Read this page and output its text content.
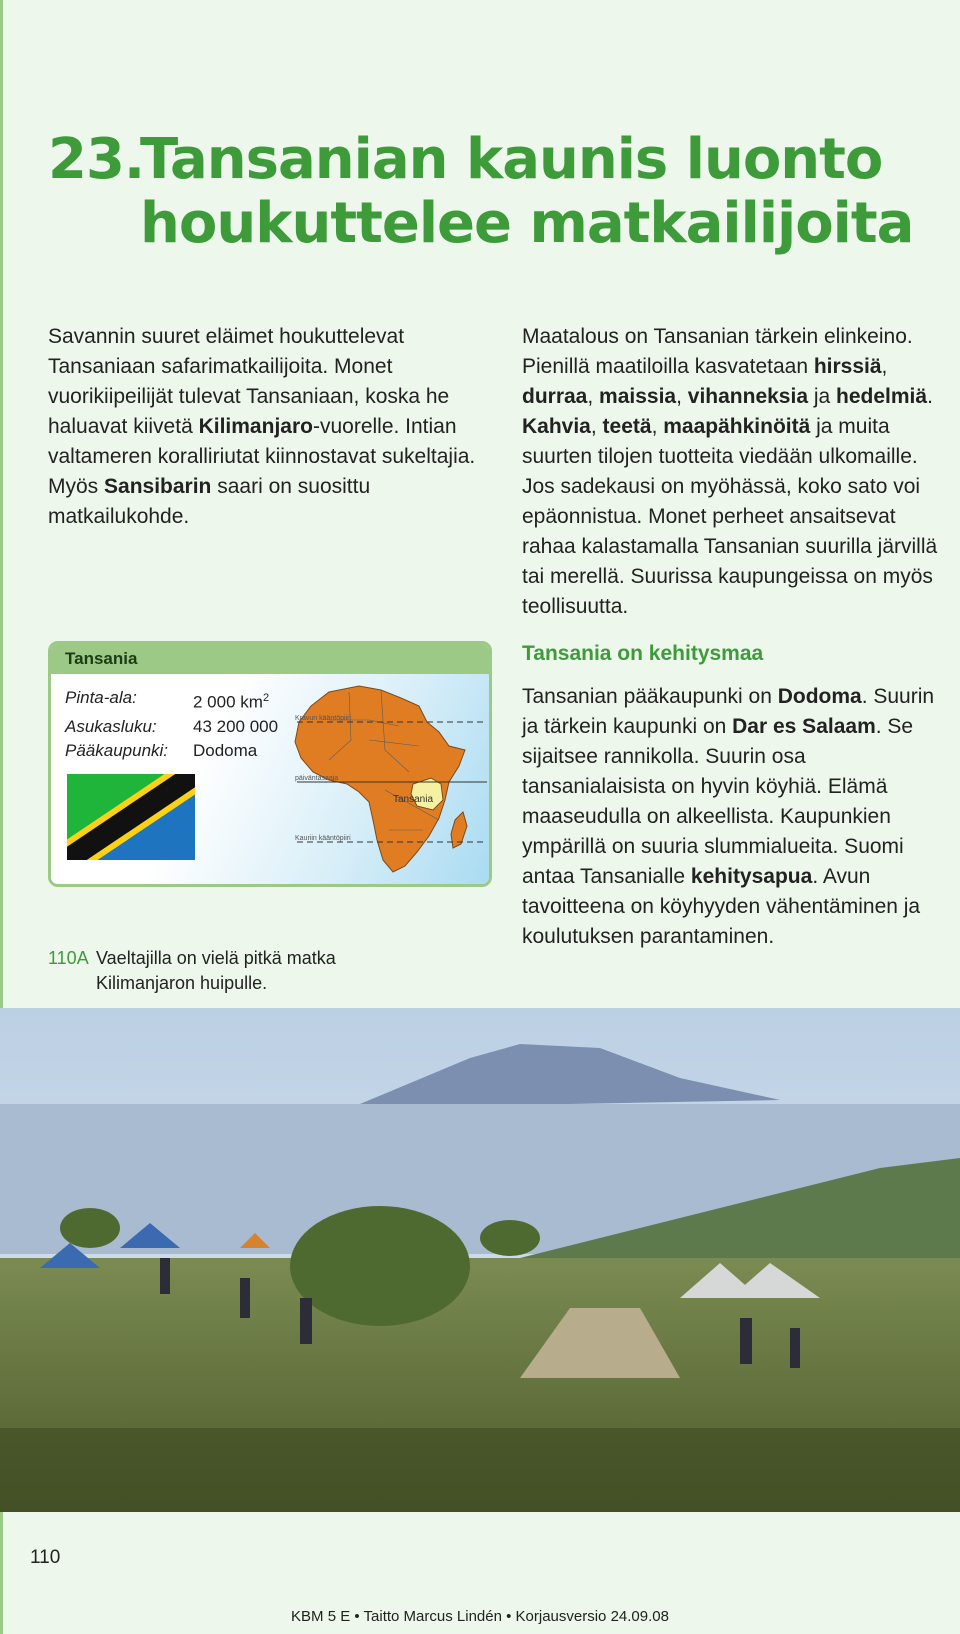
23.Tansanian kaunis luonto
houkuttelee matkailijoita

Savannin suuret eläimet houkuttelevat Tansaniaan safarimatkailijoita. Monet vuorikiipeilijät tulevat Tansaniaan, koska he haluavat kiivetä Kilimanjaro-vuorelle. Intian valtameren koralliriutat kiinnostavat sukeltajia. Myös Sansibarin saari on suosittu matkailukohde.

Maatalous on Tansanian tärkein elinkeino. Pienillä maatiloilla kasvatetaan hirssiä, durraa, maissia, vihanneksia ja hedelmiä. Kahvia, teetä, maapähkinöitä ja muita suurten tilojen tuotteita viedään ulkomaille. Jos sadekausi on myöhässä, koko sato voi epäonnistua. Monet perheet ansaitsevat rahaa kalastamalla Tansanian suurilla järvillä tai merellä. Suurissa kaupungeissa on myös teollisuutta.

Tansania on kehitysmaa

Tansanian pääkaupunki on Dodoma. Suurin ja tärkein kaupunki on Dar es Salaam. Se sijaitsee rannikolla. Suurin osa tansanialaisista on hyvin köyhiä. Elämä maaseudulla on alkeellista. Kaupunkien ympärillä on suuria slummialueita. Suomi antaa Tansanialle kehitysapua. Avun tavoitteena on köyhyyden vähentäminen ja koulutuksen parantaminen.

Tansania
Pinta-ala:	2 000 $km^2$
Asukasluku:	43 200 000
Pääkaupunki:	Dodoma
Kravun kääntöpiiri
päiväntasaaja
Kauriin kääntöpiiri
Tansania
110A Vaeltajilla on vielä pitkä matka
Kilimanjaron huipulle.
110
KBM 5 E • Taitto Marcus Lindén • Korjausversio 24.09.08
